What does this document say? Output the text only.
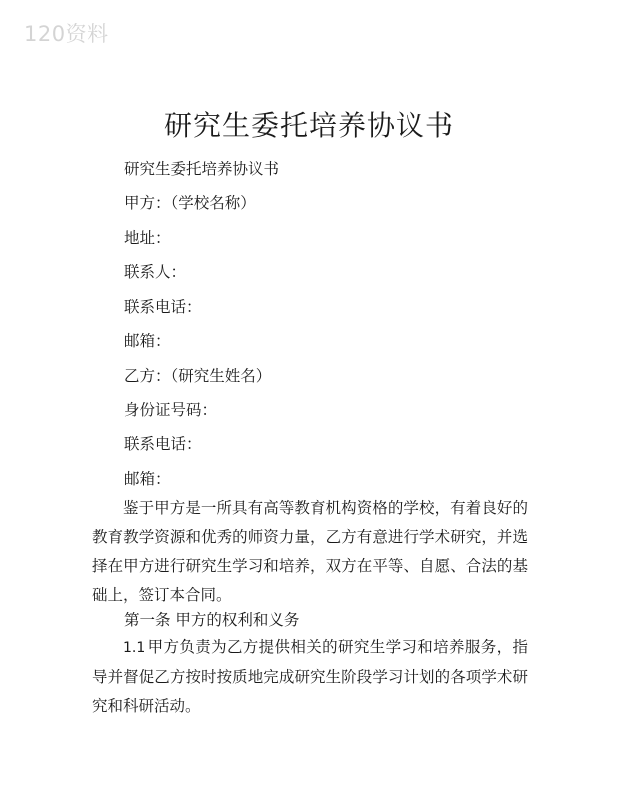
120资料
研究生委托培养协议书
研究生委托培养协议书
甲方：（学校名称）
地址：
联系人：
联系电话：
邮箱：
乙方：（研究生姓名）
身份证号码：
联系电话：
邮箱：
鉴于甲方是一所具有高等教育机构资格的学校，有着良好的教育教学资源和优秀的师资力量，乙方有意进行学术研究，并选择在甲方进行研究生学习和培养，双方在平等、自愿、合法的基础上，签订本合同。
第一条 甲方的权利和义务
1.1 甲方负责为乙方提供相关的研究生学习和培养服务，指导并督促乙方按时按质地完成研究生阶段学习计划的各项学术研究和科研活动。
